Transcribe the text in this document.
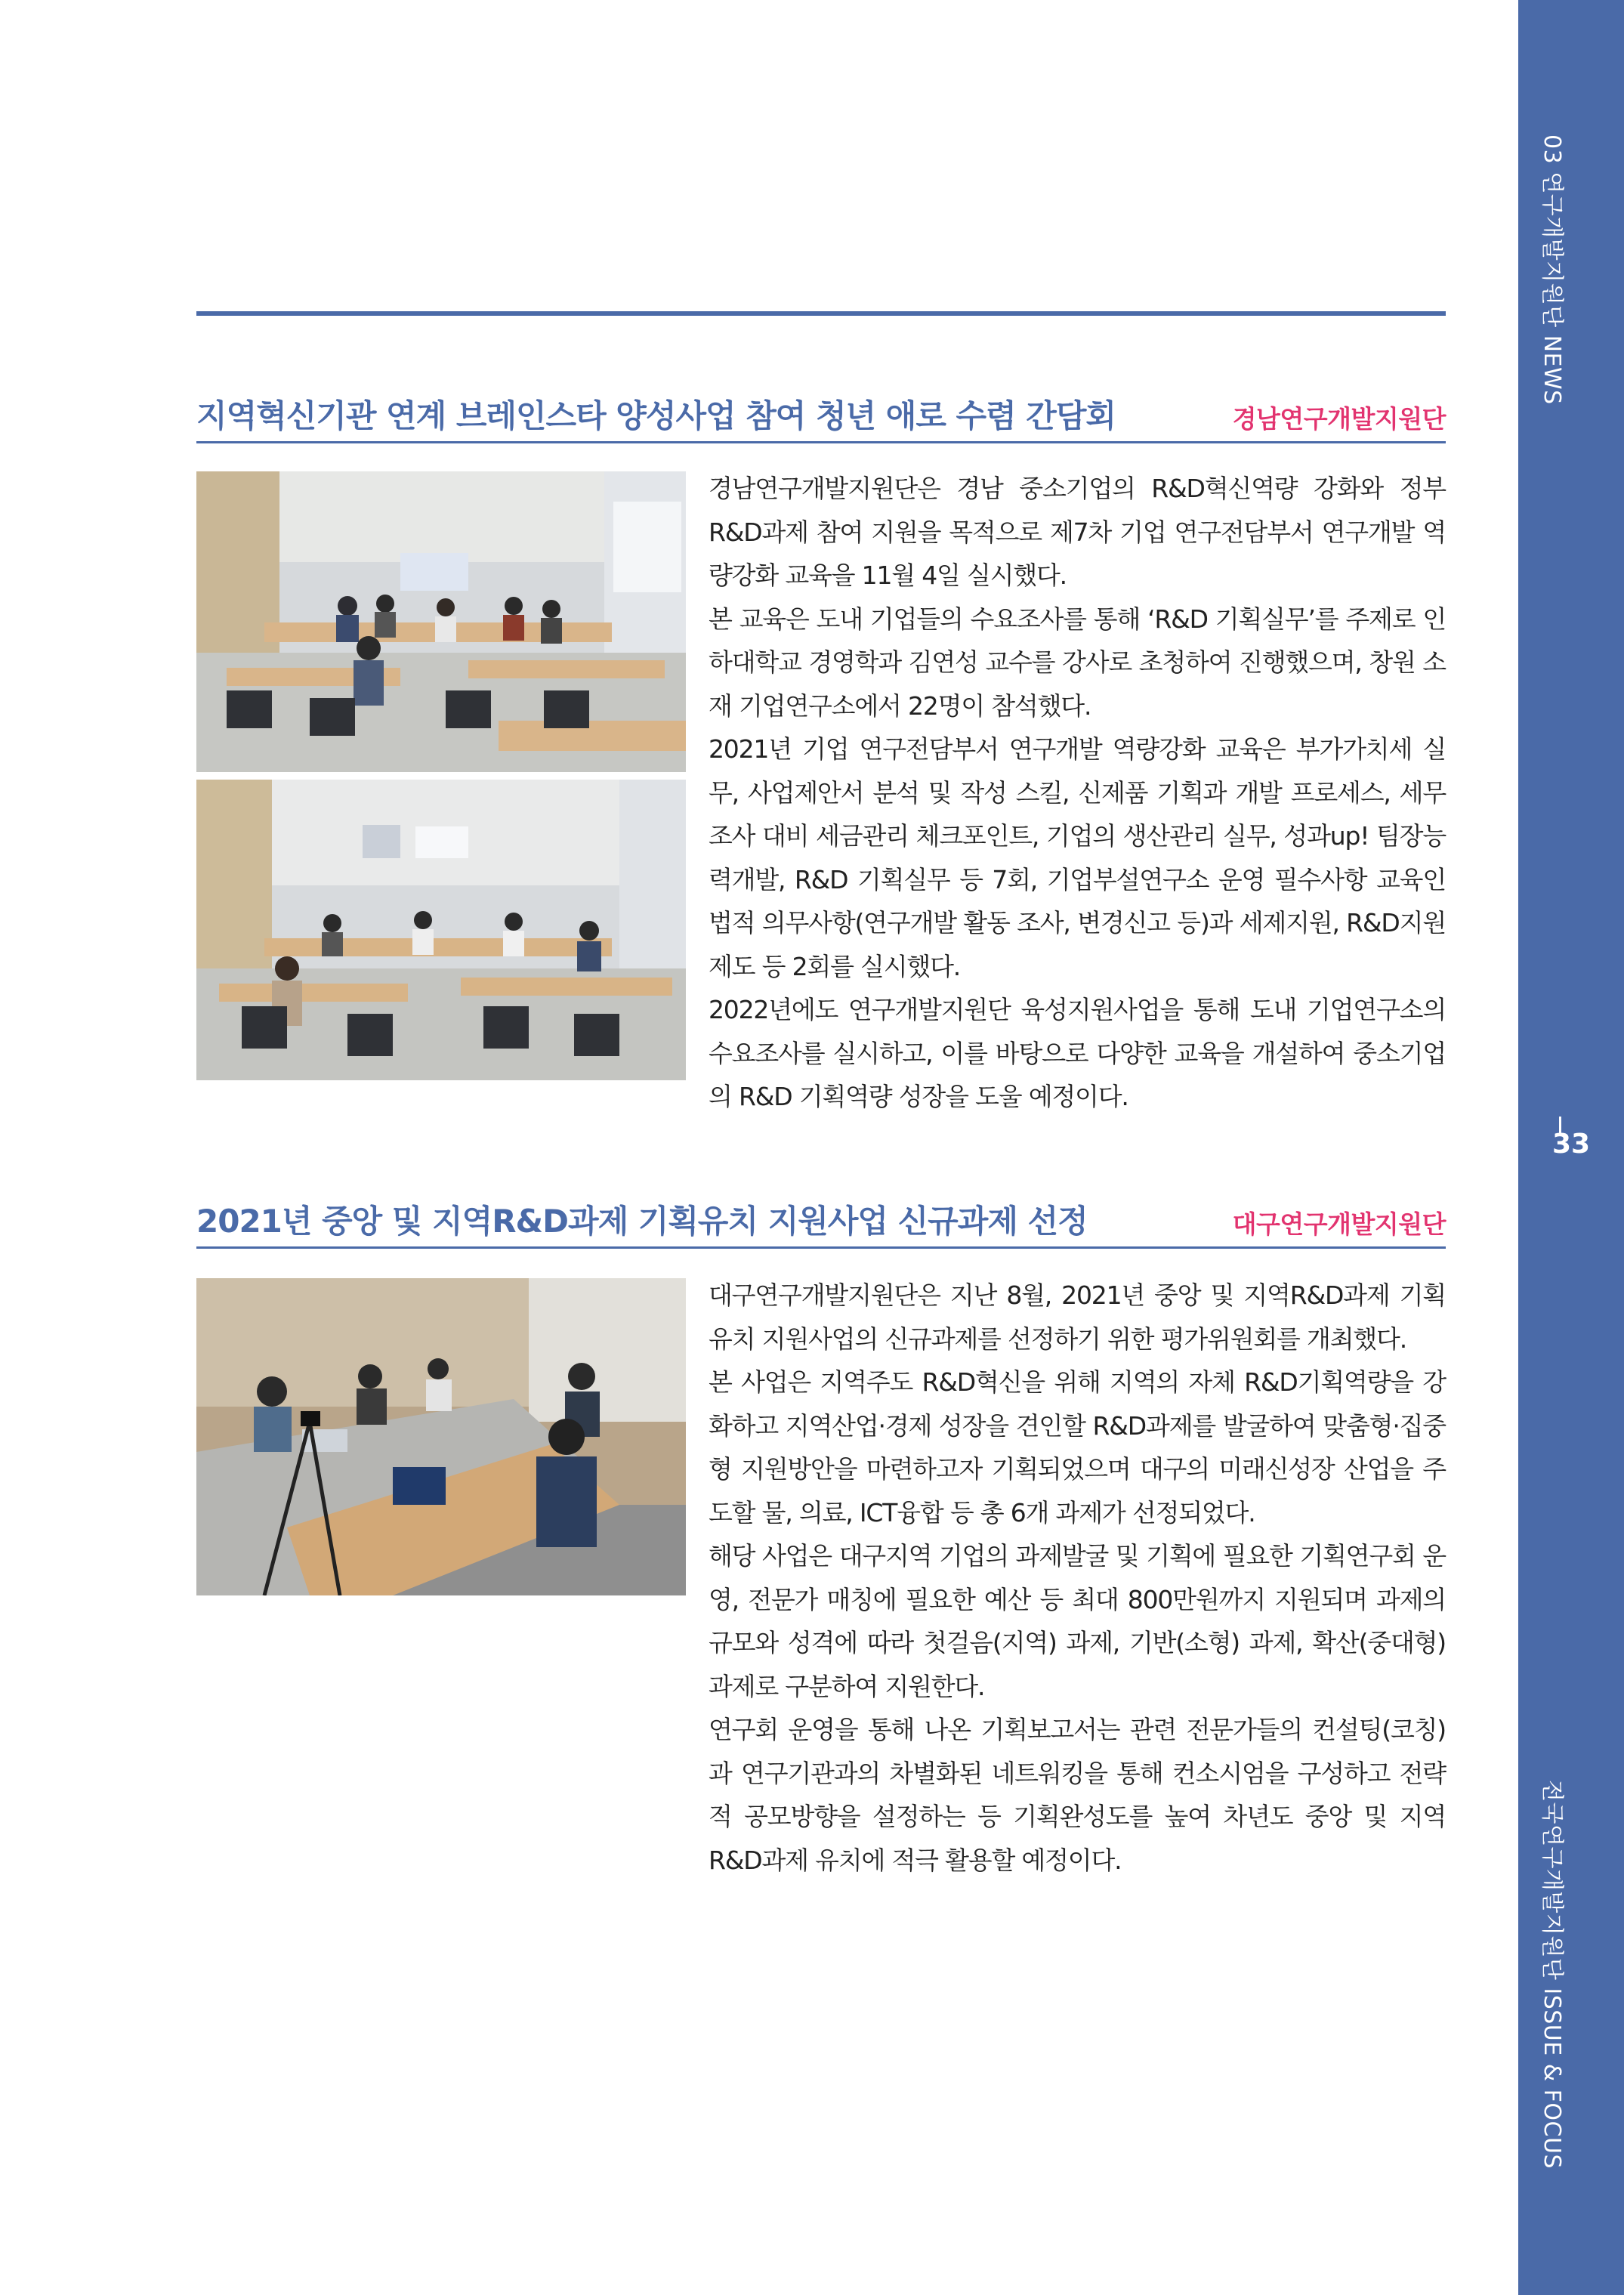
03 연구개발지원단 NEWS
33
전국연구개발지원단 ISSUE & FOCUS
지역혁신기관 연계 브레인스타 양성사업 참여 청년 애로 수렴 간담회	경남연구개발지원단

경남연구개발지원단은 경남 중소기업의 R&D혁신역량 강화와 정부 R&D과제 참여 지원을 목적으로 제7차 기업 연구전담부서 연구개발 역량강화 교육을 11월 4일 실시했다.

본 교육은 도내 기업들의 수요조사를 통해 ‘R&D 기획실무’를 주제로 인하대학교 경영학과 김연성 교수를 강사로 초청하여 진행했으며, 창원 소재 기업연구소에서 22명이 참석했다.

2021년 기업 연구전담부서 연구개발 역량강화 교육은 부가가치세 실무, 사업제안서 분석 및 작성 스킬, 신제품 기획과 개발 프로세스, 세무조사 대비 세금관리 체크포인트, 기업의 생산관리 실무, 성과up! 팀장능력개발, R&D 기획실무 등 7회, 기업부설연구소 운영 필수사항 교육인 법적 의무사항(연구개발 활동 조사, 변경신고 등)과 세제지원, R&D지원제도 등 2회를 실시했다.

2022년에도 연구개발지원단 육성지원사업을 통해 도내 기업연구소의 수요조사를 실시하고, 이를 바탕으로 다양한 교육을 개설하여 중소기업의 R&D 기획역량 성장을 도울 예정이다.

2021년 중앙 및 지역R&D과제 기획유치 지원사업 신규과제 선정	대구연구개발지원단

대구연구개발지원단은 지난 8월, 2021년 중앙 및 지역R&D과제 기획유치 지원사업의 신규과제를 선정하기 위한 평가위원회를 개최했다.

본 사업은 지역주도 R&D혁신을 위해 지역의 자체 R&D기획역량을 강화하고 지역산업·경제 성장을 견인할 R&D과제를 발굴하여 맞춤형·집중형 지원방안을 마련하고자 기획되었으며 대구의 미래신성장 산업을 주도할 물, 의료, ICT융합 등 총 6개 과제가 선정되었다.

해당 사업은 대구지역 기업의 과제발굴 및 기획에 필요한 기획연구회 운영, 전문가 매칭에 필요한 예산 등 최대 800만원까지 지원되며 과제의 규모와 성격에 따라 첫걸음(지역) 과제, 기반(소형) 과제, 확산(중대형)과제로 구분하여 지원한다.

연구회 운영을 통해 나온 기획보고서는 관련 전문가들의 컨설팅(코칭)과 연구기관과의 차별화된 네트워킹을 통해 컨소시엄을 구성하고 전략적 공모방향을 설정하는 등 기획완성도를 높여 차년도 중앙 및 지역R&D과제 유치에 적극 활용할 예정이다.
